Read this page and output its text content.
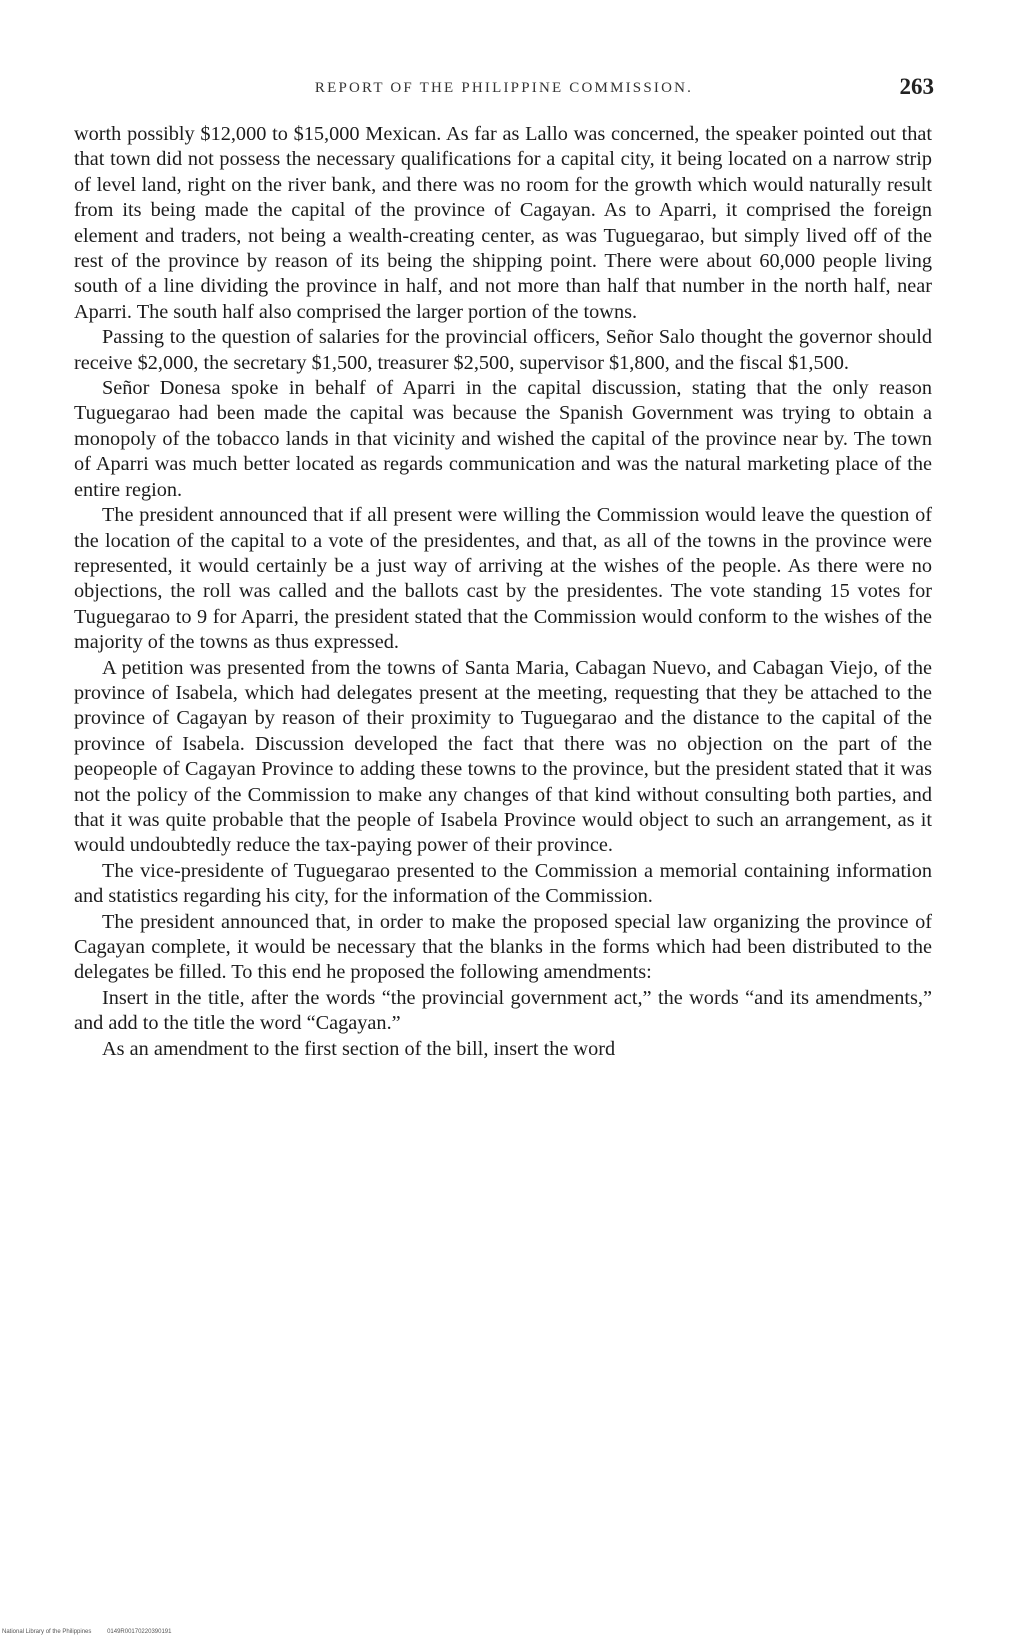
REPORT OF THE PHILIPPINE COMMISSION.	263

worth possibly $12,000 to $15,000 Mexican. As far as Lallo was concerned, the speaker pointed out that that town did not possess the necessary qualifications for a capital city, it being located on a narrow strip of level land, right on the river bank, and there was no room for the growth which would naturally result from its being made the capital of the province of Cagayan. As to Aparri, it comprised the foreign element and traders, not being a wealth-creating center, as was Tuguegarao, but simply lived off of the rest of the province by reason of its being the shipping point. There were about 60,000 people living south of a line dividing the province in half, and not more than half that number in the north half, near Aparri. The south half also comprised the larger portion of the towns.

Passing to the question of salaries for the provincial officers, Señor Salo thought the governor should receive $2,000, the secretary $1,500, treasurer $2,500, supervisor $1,800, and the fiscal $1,500.

Señor Donesa spoke in behalf of Aparri in the capital discussion, stating that the only reason Tuguegarao had been made the capital was because the Spanish Government was trying to obtain a monopoly of the tobacco lands in that vicinity and wished the capital of the province near by. The town of Aparri was much better located as regards communication and was the natural marketing place of the entire region.

The president announced that if all present were willing the Commission would leave the question of the location of the capital to a vote of the presidentes, and that, as all of the towns in the province were represented, it would certainly be a just way of arriving at the wishes of the people. As there were no objections, the roll was called and the ballots cast by the presidentes. The vote standing 15 votes for Tuguegarao to 9 for Aparri, the president stated that the Commission would conform to the wishes of the majority of the towns as thus expressed.

A petition was presented from the towns of Santa Maria, Cabagan Nuevo, and Cabagan Viejo, of the province of Isabela, which had delegates present at the meeting, requesting that they be attached to the province of Cagayan by reason of their proximity to Tuguegarao and the distance to the capital of the province of Isabela. Discussion developed the fact that there was no objection on the part of the peopeople of Cagayan Province to adding these towns to the province, but the president stated that it was not the policy of the Commission to make any changes of that kind without consulting both parties, and that it was quite probable that the people of Isabela Province would object to such an arrangement, as it would undoubtedly reduce the tax-paying power of their province.

The vice-presidente of Tuguegarao presented to the Commission a memorial containing information and statistics regarding his city, for the information of the Commission.

The president announced that, in order to make the proposed special law organizing the province of Cagayan complete, it would be necessary that the blanks in the forms which had been distributed to the delegates be filled. To this end he proposed the following amendments:

Insert in the title, after the words “the provincial government act,” the words “and its amendments,” and add to the title the word “Cagayan.”

As an amendment to the first section of the bill, insert the word

National Library of the Philippines	0149R00170220390191
